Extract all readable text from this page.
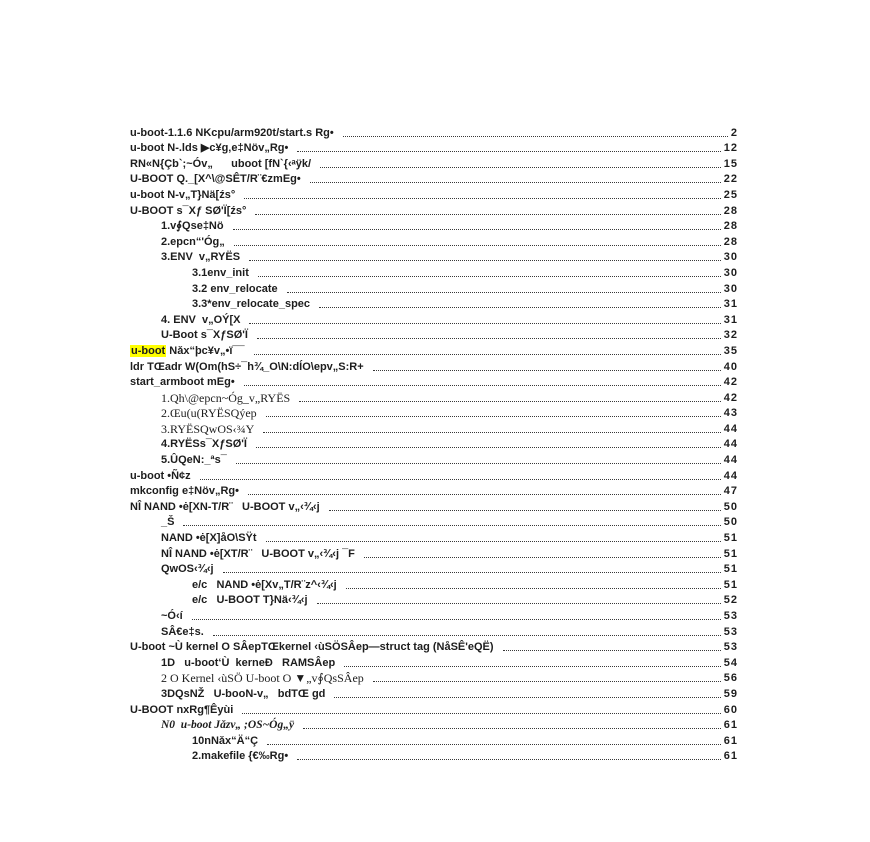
u-boot-1.1.6 NKcpu/arm920t/start.s Rg•	2
u-boot N-.lds ▶c¥g‚e‡Növ„Rg•	12
RN«N{Çb`;~Óv„      uboot [fN`{‹ᵃÿk/	15
U-BOOT Q._[X^\@SÊT/R¨€zmEg•	22
u-boot N-v„T}Nä[źs°	25
U-BOOT s¯Xƒ SØ'Ï[źs°	28
1.v∮Qse‡Nö	28
2.epcn“'Óg„	28
3.ENV  v„RYËS	30
3.1env_init	30
3.2 env_relocate	30
3.3*env_relocate_spec	31
4. ENV  v„OÝ[X	31
U-Boot s¯XƒSØ'Ï	32
u-boot Nǎx“þc¥v„•ï¯¯	35
ldr TŒadr W(Om(hS÷¯h¾_O\N:dÍO\epv„S:R+	40
start_armboot mEg•	42
1.Qh\@epcn~Óg_v„RYËS	42
2.Œu(u(RYËSQýep	43
3.RYËSQwOS‹¾Y	44
4.RYËSs¯XƒSØ'Ï	44
5.ÛQeN:_ªs¯	44
u-boot •Ñ¢z	44
mkconfig e‡Növ„Rg•	47
NÎ NAND •ė[XN-T/R¨   U-BOOT v„‹¾‹j	50
_Š	50
NAND •ė[X]åO\SŸt	51
NÎ NAND •ė[XT/R¨   U-BOOT v„‹¾‹j ¯F	51
QwOS‹¾‹j	51
e/c   NAND •ė[Xv„T/R¨z^‹¾‹j	51
e/c   U-BOOT T}Nä‹¾‹j	52
~Ó‹í	53
SÂ€e‡s.	53
U-boot ~Ù kernel O SÂepTŒkernel ‹ùSÖSÂep—struct tag (NåSÊ'eQË)	53
1D   u-boot‘Ù  kerneÐ   RAMSÂep	54
2 O Kernel ‹ùSÖ U-boot O ▼„v∮QsSÂep	56
3DQsNŽ   U-booN-v„   bdTŒ gd	59
U-BOOT nxRg¶Êyùi	60
N0  u-boot Jǎzv„ ;OS~Óg„ÿ	61
10nNǎx“Ä“Ç	61
2.makefile {€‰Rg•	61
